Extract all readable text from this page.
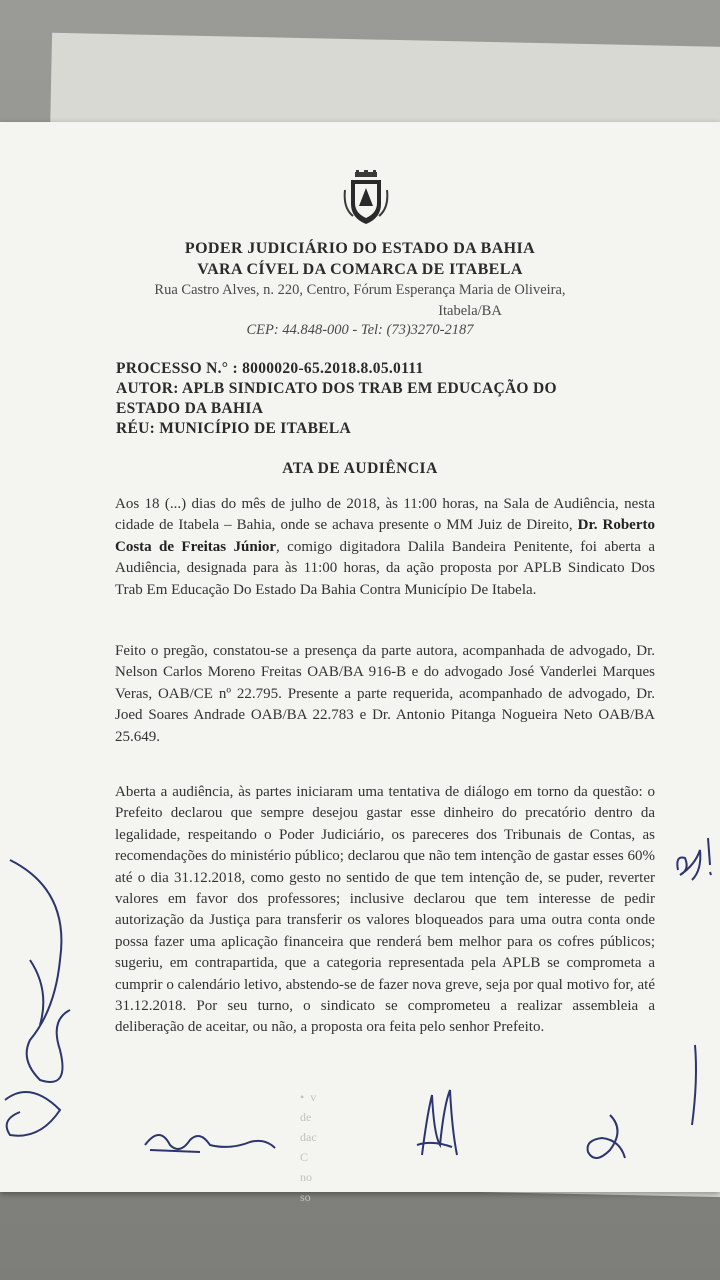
PODER JUDICIÁRIO DO ESTADO DA BAHIA
VARA CÍVEL DA COMARCA DE ITABELA
Rua Castro Alves, n. 220, Centro, Fórum Esperança Maria de Oliveira,
Itabela/BA
CEP: 44.848-000 - Tel: (73)3270-2187
PROCESSO N.° : 8000020-65.2018.8.05.0111
AUTOR: APLB SINDICATO DOS TRAB EM EDUCAÇÃO DO
ESTADO DA BAHIA
RÉU: MUNICÍPIO DE ITABELA
ATA DE AUDIÊNCIA
Aos 18 (...) dias do mês de julho de 2018, às 11:00 horas, na Sala de Audiência, nesta cidade de Itabela – Bahia, onde se achava presente o MM Juiz de Direito, Dr. Roberto Costa de Freitas Júnior, comigo digitadora Dalila Bandeira Penitente, foi aberta a Audiência, designada para às 11:00 horas, da ação proposta por APLB Sindicato Dos Trab Em Educação Do Estado Da Bahia Contra Município De Itabela.
Feito o pregão, constatou-se a presença da parte autora, acompanhada de advogado, Dr. Nelson Carlos Moreno Freitas OAB/BA 916-B e do advogado José Vanderlei Marques Veras, OAB/CE nº 22.795. Presente a parte requerida, acompanhado de advogado, Dr. Joed Soares Andrade OAB/BA 22.783 e Dr. Antonio Pitanga Nogueira Neto OAB/BA 25.649.
Aberta a audiência, às partes iniciaram uma tentativa de diálogo em torno da questão: o Prefeito declarou que sempre desejou gastar esse dinheiro do precatório dentro da legalidade, respeitando o Poder Judiciário, os pareceres dos Tribunais de Contas, as recomendações do ministério público; declarou que não tem intenção de gastar esses 60% até o dia 31.12.2018, como gesto no sentido de que tem intenção de, se puder, reverter valores em favor dos professores; inclusive declarou que tem interesse de pedir autorização da Justiça para transferir os valores bloqueados para uma outra conta onde possa fazer uma aplicação financeira que renderá bem melhor para os cofres públicos; sugeriu, em contrapartida, que a categoria representada pela APLB se comprometa a cumprir o calendário letivo, abstendo-se de fazer nova greve, seja por qual motivo for, até 31.12.2018. Por seu turno, o sindicato se comprometeu a realizar assembleia a deliberação de aceitar, ou não, a proposta ora feita pelo senhor Prefeito.
•  v
de
dac
C
no
so
